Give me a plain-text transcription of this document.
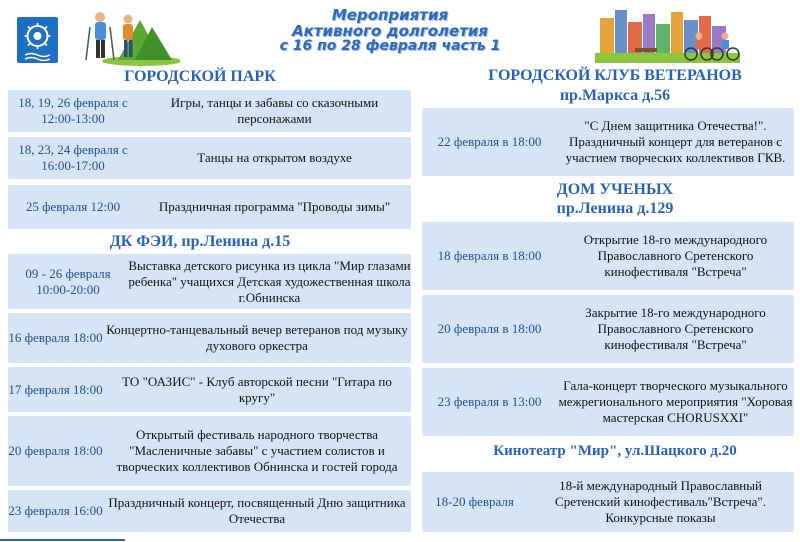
Мероприятия
Активного долголетия
с 16 по 28 февраля часть 1
ГОРОДСКОЙ ПАРК
18, 19, 26 февраля с 12:00-13:00
Игры, танцы и забавы со сказочными персонажами
18, 23, 24 февраля с 16:00-17:00
Танцы на открытом воздухе
25 февраля 12:00	Праздничная программа "Проводы зимы"
ДК ФЭИ, пр.Ленина д.15
09 - 26 февраля 10:00-20:00
Выставка детского рисунка из цикла "Мир глазами ребенка" учащихся Детская художественная школа г.Обнинска
16 февраля 18:00
Концертно-танцевальный вечер ветеранов под музыку духового оркестра
17 февраля 18:00
ТО "ОАЗИС" - Клуб авторской песни "Гитара по кругу"
20 февраля 18:00
Открытый фестиваль народного творчества "Масленичные забавы" с участием солистов и творческих коллективов Обнинска и гостей города
23 февраля 16:00
Праздничный концерт, посвященный Дню защитника Отечества
ГОРОДСКОЙ КЛУБ ВЕТЕРАНОВ
пр.Маркса д.56
22 февраля в 18:00
"С Днем защитника Отечества!". Праздничный концерт для ветеранов с участием творческих коллективов ГКВ.
ДОМ УЧЕНЫХ
пр.Ленина д.129
18 февраля в 18:00
Открытие 18-го международного Православного Сретенского кинофестиваля "Встреча"
20 февраля в 18:00
Закрытие 18-го международного Православного Сретенского кинофестиваля "Встреча"
23 февраля в 13:00
Гала-концерт творческого музыкального межрегионального мероприятия "Хоровая мастерская CHORUSXXI"
Кинотеатр "Мир", ул.Шацкого д.20
18-20 февраля
18-й международный Православный Сретенский кинофестиваль"Встреча". Конкурсные показы
